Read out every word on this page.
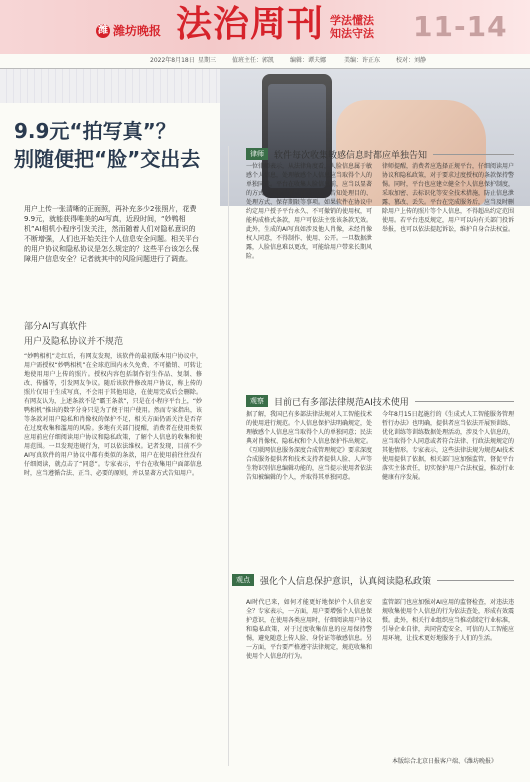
潍 潍坊晚报 法治周刊 学法懂法
知法守法 11-14
2022年8月18日 星期三	值班主任：郭凯	编辑：谭夫娜	美编：许正东	校对：刘静
9.9元“拍写真”？
别随便把“脸”交出去
用户上传一张清晰的正面照，再补充多少2张照片，花费9.9元，就能获得唯美的AI写真，近段时间，“妙鸭相机”AI相机小程序引发关注，然而随着人们对隐私意识的不断增强，人们也开始关注个人信息安全问题。相关平台的用户协议和隐私协议是怎么规定的？这些平台该怎么保障用户信息安全？记者就其中的风险问题进行了调查。
部分AI写真软件
用户及隐私协议并不规范
“妙鸭相机”走红后，有网友发现，该软件的最初版本用户协议中，用户需授权“妙鸭相机”在全球范围内永久免费、不可撤销、可转让地使用用户上传的照片。授权内容包括制作衍生作品、复制、修改、传播等，引发网友争议。随后该软件修改用户协议，称上传的照片仅用于生成写真，不会用于其他用途，在使用完成后会删除。有网友认为，上述条款不是“霸王条款”，只是在小程序平台上，“妙鸭相机”推出的数字分身只是为了便于用户使用。然而专家指出，该等条款对用户隐私和肖像权的保护不足，相关方面仍需关注是否存在过度收集和滥用的风险。多地有关部门提醒，消费者在使用类似应用前应仔细阅读用户协议和隐私政策，了解个人信息的收集和使用范围。一旦发现违规行为，可以依法维权。记者发现，目前不少AI写真软件的用户协议中都有类似的条款，用户在使用前往往没有仔细阅读，就点击了“同意”。专家表示，平台在收集用户面部信息时，应当遵循合法、正当、必要的原则，并以显著方式告知用户。
律师	软件每次收集敏感信息时都应单独告知
一位律师表示，从法律角度看，人脸信息属于敏感个人信息，处理敏感个人信息应当取得个人的单独同意。平台在收集人脸信息前，应当以显著的方式、清晰易懂的语言向用户告知处理目的、处理方式、保存期限等事项。如果软件在协议中约定用户授予平台永久、不可撤销的使用权，可能构成格式条款，用户可依法主张该条款无效。此外，生成的AI写真如涉及他人肖像，未经肖像权人同意，不得制作、使用、公开。一旦数据泄露，人脸信息难以更改，可能给用户带来长期风险。
律师提醒，消费者应选择正规平台，仔细阅读用户协议和隐私政策，对于要求过度授权的条款保持警惕。同时，平台也应建立健全个人信息保护制度，采取加密、去标识化等安全技术措施，防止信息泄露、篡改、丢失。平台在完成服务后，应当及时删除用户上传的照片等个人信息，不得超出约定范围使用。若平台违反规定，用户可以向有关部门投诉举报，也可以依法提起诉讼，维护自身合法权益。
观察	目前已有多部法律规范AI技术使用
据了解，我国已有多部法律法规对人工智能技术的使用进行规范。个人信息保护法明确规定，处理敏感个人信息应当取得个人的单独同意；民法典对肖像权、隐私权和个人信息保护作出规定。《互联网信息服务深度合成管理规定》要求深度合成服务提供者和技术支持者提供人脸、人声等生物识别信息编辑功能的，应当提示使用者依法告知被编辑的个人，并取得其单独同意。
今年8月15日起施行的《生成式人工智能服务管理暂行办法》也明确，提供者应当依法开展预训练、优化训练等训练数据处理活动，涉及个人信息的，应当取得个人同意或者符合法律、行政法规规定的其他情形。专家表示，这些法律法规为规范AI技术使用提供了依据，相关部门应加强监管，督促平台落实主体责任，切实保护用户合法权益，推动行业健康有序发展。
观点	强化个人信息保护意识，认真阅读隐私政策
AI时代已来，如何才能更好地保护个人信息安全？专家表示，一方面，用户要增强个人信息保护意识，在使用各类应用时，仔细阅读用户协议和隐私政策，对于过度收集信息的应用保持警惕，避免随意上传人脸、身份证等敏感信息。另一方面，平台要严格遵守法律规定，规范收集和使用个人信息的行为。
监管部门也应加强对AI应用的监督检查，对违法违规收集使用个人信息的行为依法查处，形成有效震慑。此外，相关行业组织应当推动制定行业标准，引导企业自律，共同营造安全、可信的人工智能应用环境，让技术更好地服务于人们的生活。
本版综合北京日报客户端、《潍坊晚报》
